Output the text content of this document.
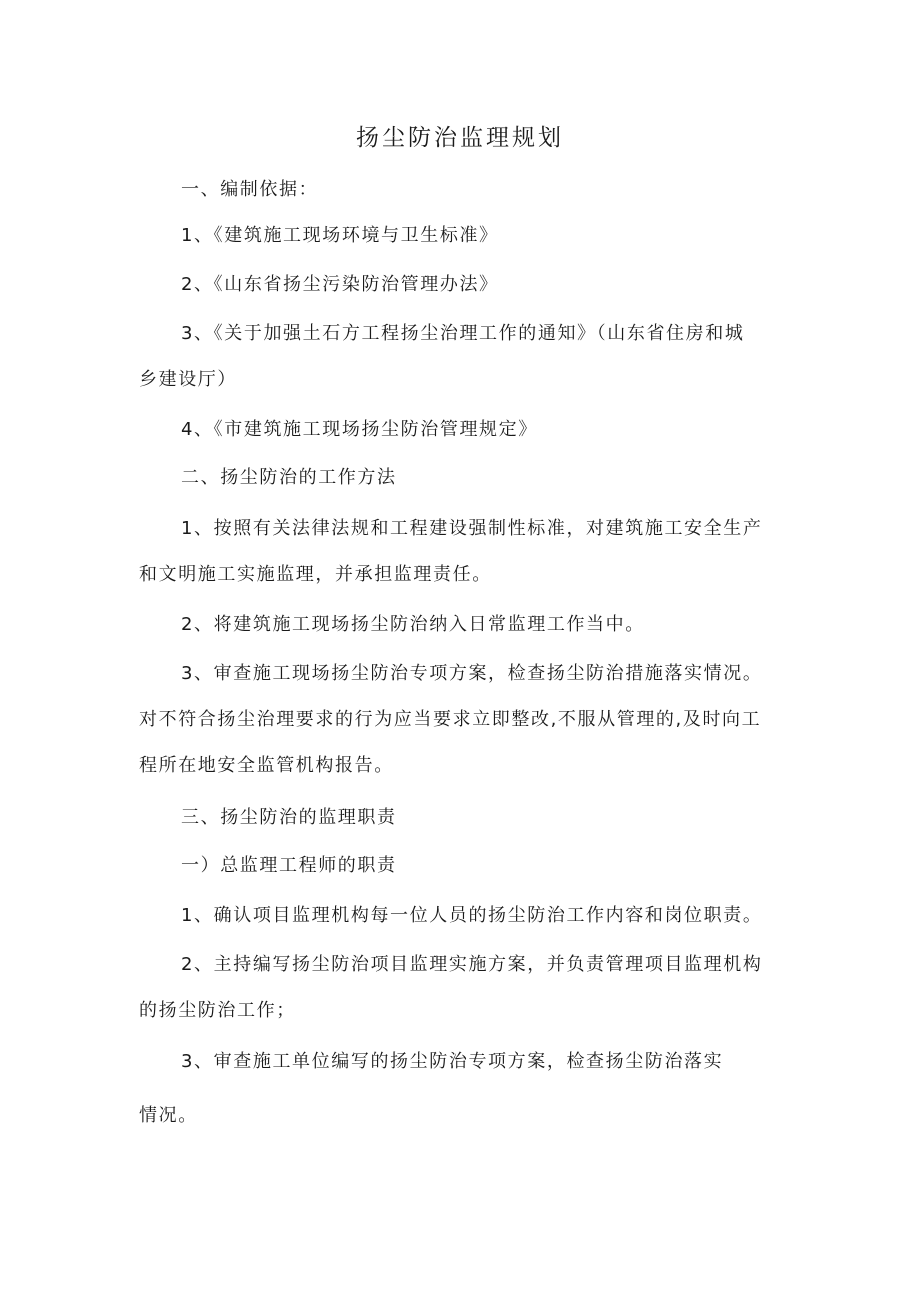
扬尘防治监理规划

一、编制依据：

1、《建筑施工现场环境与卫生标准》

2、《山东省扬尘污染防治管理办法》

3、《关于加强土石方工程扬尘治理工作的通知》（山东省住房和城
乡建设厅）

4、《市建筑施工现场扬尘防治管理规定》

二、扬尘防治的工作方法

1、按照有关法律法规和工程建设强制性标准，对建筑施工安全生产
和文明施工实施监理，并承担监理责任。

2、将建筑施工现场扬尘防治纳入日常监理工作当中。

3、审查施工现场扬尘防治专项方案，检查扬尘防治措施落实情况。
对不符合扬尘治理要求的行为应当要求立即整改,不服从管理的,及时向工
程所在地安全监管机构报告。

三、扬尘防治的监理职责

一）总监理工程师的职责

1、确认项目监理机构每一位人员的扬尘防治工作内容和岗位职责。

2、主持编写扬尘防治项目监理实施方案，并负责管理项目监理机构
的扬尘防治工作；

3、审查施工单位编写的扬尘防治专项方案，检查扬尘防治落实

情况。
